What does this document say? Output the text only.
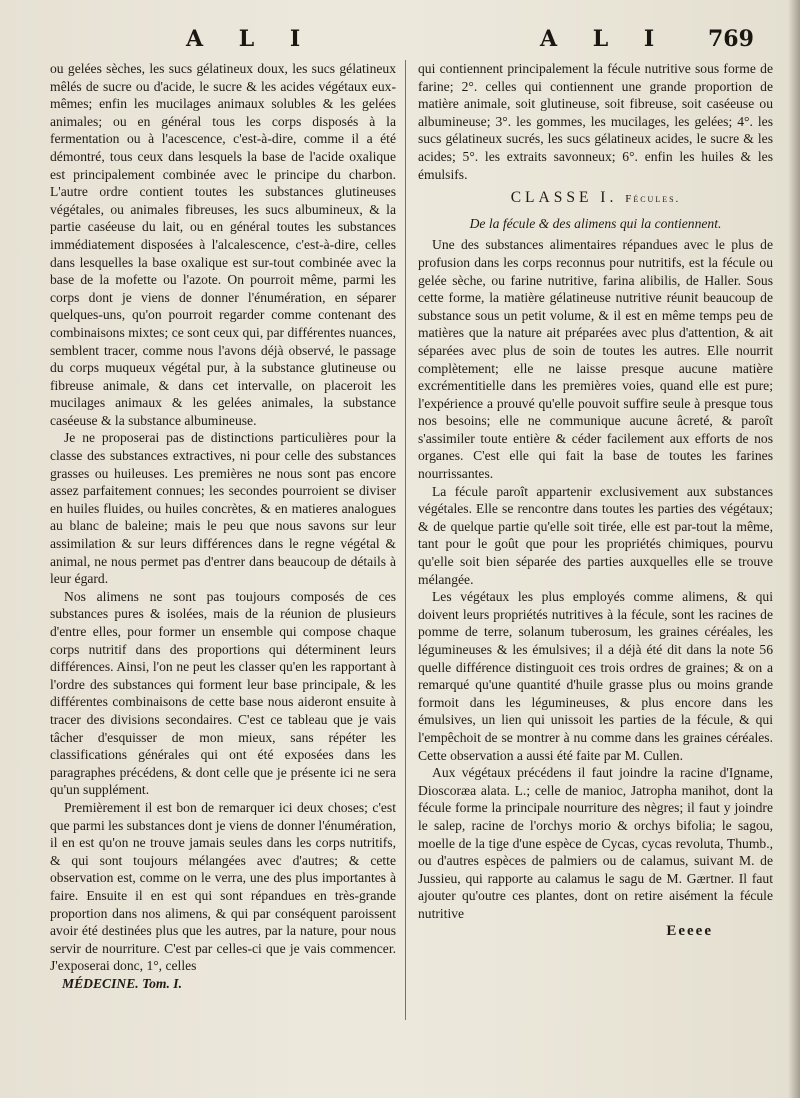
A L I	A L I 769

ou gelées sèches, les sucs gélatineux doux, les sucs gélatineux mêlés de sucre ou d'acide, le sucre & les acides végétaux eux-mêmes; enfin les mucilages animaux solubles & les gelées animales; ou en général tous les corps disposés à la fermentation ou à l'acescence, c'est-à-dire, comme il a été démontré, tous ceux dans lesquels la base de l'acide oxalique est principalement combinée avec le principe du charbon. L'autre ordre contient toutes les substances glutineuses végétales, ou animales fibreuses, les sucs albumineux, & la partie caséeuse du lait, ou en général toutes les substances immédiatement disposées à l'alcalescence, c'est-à-dire, celles dans lesquelles la base oxalique est sur-tout combinée avec la base de la mofette ou l'azote. On pourroit même, parmi les corps dont je viens de donner l'énumération, en séparer quelques-uns, qu'on pourroit regarder comme contenant des combinaisons mixtes; ce sont ceux qui, par différentes nuances, semblent tracer, comme nous l'avons déjà observé, le passage du corps muqueux végétal pur, à la substance glutineuse ou fibreuse animale, & dans cet intervalle, on placeroit les mucilages animaux & les gelées animales, la substance caséeuse & la substance albumineuse.

Je ne proposerai pas de distinctions particulières pour la classe des substances extractives, ni pour celle des substances grasses ou huileuses. Les premières ne nous sont pas encore assez parfaitement connues; les secondes pourroient se diviser en huiles fluides, ou huiles concrètes, & en matieres analogues au blanc de baleine; mais le peu que nous savons sur leur assimilation & sur leurs différences dans le regne végétal & animal, ne nous permet pas d'entrer dans beaucoup de détails à leur égard.

Nos alimens ne sont pas toujours composés de ces substances pures & isolées, mais de la réunion de plusieurs d'entre elles, pour former un ensemble qui compose chaque corps nutritif dans des proportions qui déterminent leurs différences. Ainsi, l'on ne peut les classer qu'en les rapportant à l'ordre des substances qui forment leur base principale, & les différentes combinaisons de cette base nous aideront ensuite à tracer des divisions secondaires. C'est ce tableau que je vais tâcher d'esquisser de mon mieux, sans répéter les classifications générales qui ont été exposées dans les paragraphes précédens, & dont celle que je présente ici ne sera qu'un supplément.

Premièrement il est bon de remarquer ici deux choses; c'est que parmi les substances dont je viens de donner l'énumération, il en est qu'on ne trouve jamais seules dans les corps nutritifs, & qui sont toujours mélangées avec d'autres; & cette observation est, comme on le verra, une des plus importantes à faire. Ensuite il en est qui sont répandues en très-grande proportion dans nos alimens, & qui par conséquent paroissent avoir été destinées plus que les autres, par la nature, pour nous servir de nourriture. C'est par celles-ci que je vais commencer. J'exposerai donc, 1°, celles

MÉDECINE. Tom. I.

qui contiennent principalement la fécule nutritive sous forme de farine; 2°. celles qui contiennent une grande proportion de matière animale, soit glutineuse, soit fibreuse, soit caséeuse ou albumineuse; 3°. les gommes, les mucilages, les gelées; 4°. les sucs gélatineux sucrés, les sucs gélatineux acides, le sucre & les acides; 5°. les extraits savonneux; 6°. enfin les huiles & les émulsifs.

CLASSE I. Fécules.

De la fécule & des alimens qui la contiennent.

Une des substances alimentaires répandues avec le plus de profusion dans les corps reconnus pour nutritifs, est la fécule ou gelée sèche, ou farine nutritive, farina alibilis, de Haller. Sous cette forme, la matière gélatineuse nutritive réunit beaucoup de substance sous un petit volume, & il est en même temps peu de matières que la nature ait préparées avec plus d'attention, & ait séparées avec plus de soin de toutes les autres. Elle nourrit complètement; elle ne laisse presque aucune matière excrémentitielle dans les premières voies, quand elle est pure; l'expérience a prouvé qu'elle pouvoit suffire seule à presque tous nos besoins; elle ne communique aucune âcreté, & paroît s'assimiler toute entière & céder facilement aux efforts de nos organes. C'est elle qui fait la base de toutes les farines nourrissantes.

La fécule paroît appartenir exclusivement aux substances végétales. Elle se rencontre dans toutes les parties des végétaux; & de quelque partie qu'elle soit tirée, elle est par-tout la même, tant pour le goût que pour les propriétés chimiques, pourvu qu'elle soit bien séparée des parties auxquelles elle se trouve mélangée.

Les végétaux les plus employés comme alimens, & qui doivent leurs propriétés nutritives à la fécule, sont les racines de pomme de terre, solanum tuberosum, les graines céréales, les légumineuses & les émulsives; il a déjà été dit dans la note 56 quelle différence distinguoit ces trois ordres de graines; & on a remarqué qu'une quantité d'huile grasse plus ou moins grande formoit dans les légumineuses, & plus encore dans les émulsives, un lien qui unissoit les parties de la fécule, & qui l'empêchoit de se montrer à nu comme dans les graines céréales. Cette observation a aussi été faite par M. Cullen.

Aux végétaux précédens il faut joindre la racine d'Igname, Dioscoræa alata. L.; celle de manioc, Jatropha manihot, dont la fécule forme la principale nourriture des nègres; il faut y joindre le salep, racine de l'orchys morio & orchys bifolia; le sagou, moelle de la tige d'une espèce de Cycas, cycas revoluta, Thumb., ou d'autres espèces de palmiers ou de calamus, suivant M. de Jussieu, qui rapporte au calamus le sagu de M. Gærtner. Il faut ajouter qu'outre ces plantes, dont on retire aisément la fécule nutritive

Eeeee
